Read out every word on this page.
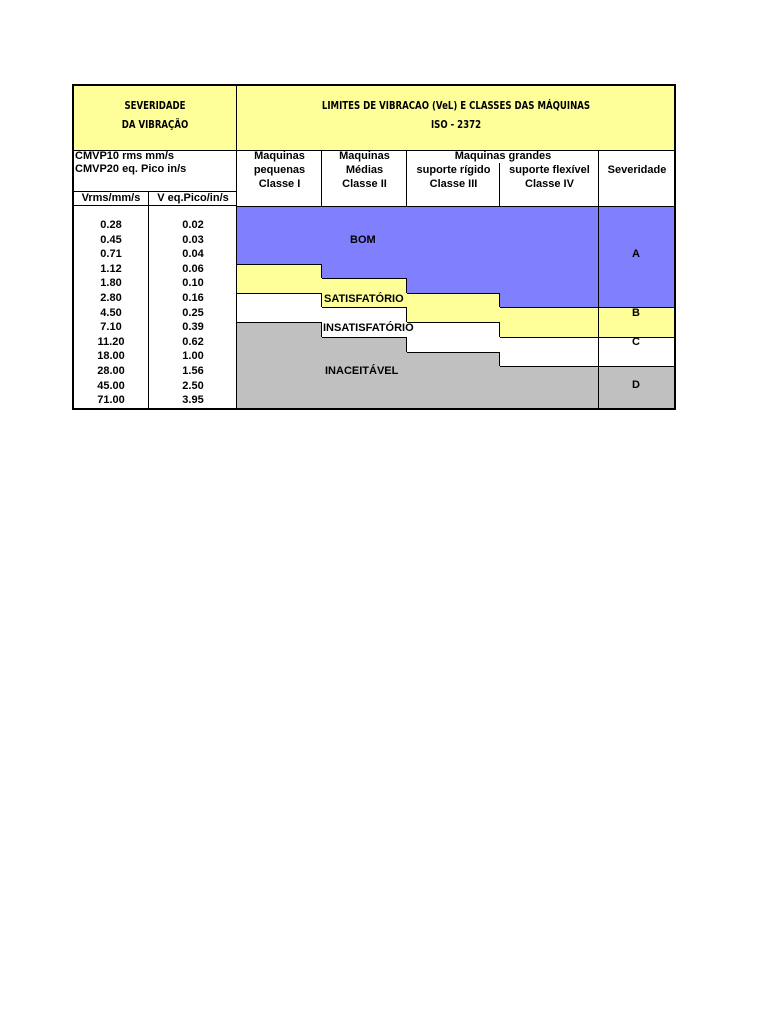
SEVERIDADE
DA VIBRAÇÃO
LIMITES DE VIBRACAO (VeL) E CLASSES DAS MÁQUINAS
ISO - 2372
CMVP10 rms mm/s
CMVP20 eq. Pico in/s
Vrms/mm/s	V eq.Pico/in/s
Maquinas
pequenas
Classe I
Maquinas
Médias
Classe II
Maquinas grandes
suporte rígido
Classe III
suporte flexível
Classe IV
Severidade
0.28	0.02
0.45	0.03
0.71	0.04
1.12	0.06
1.80	0.10
2.80	0.16
4.50	0.25
7.10	0.39
11.20	0.62
18.00	1.00
28.00	1.56
45.00	2.50
71.00	3.95
BOM
SATISFATÓRIO
INSATISFATÓRIO
INACEITÁVEL
A
B
C
D
